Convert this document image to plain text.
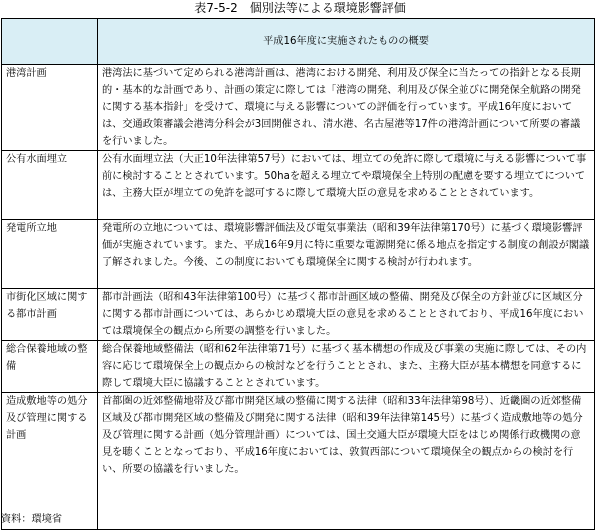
表7-5-2　個別法等による環境影響評価
	平成16年度に実施されたものの概要

港湾計画	港湾法に基づいて定められる港湾計画は、港湾における開発、利用及び保全に当たっての指針となる長期的・基本的な計画であり、計画の策定に際しては「港湾の開発、利用及び保全並びに開発保全航路の開発に関する基本指針」を受けて、環境に与える影響についての評価を行っています。平成16年度においては、交通政策審議会港湾分科会が3回開催され、清水港、名古屋港等17件の港湾計画について所要の審議を行いました。

公有水面埋立	公有水面埋立法（大正10年法律第57号）においては、埋立ての免許に際して環境に与える影響について事前に検討することとされています。50haを超える埋立てや環境保全上特別の配慮を要する埋立てについては、主務大臣が埋立ての免許を認可するに際して環境大臣の意見を求めることとされています。

発電所立地	発電所の立地については、環境影響評価法及び電気事業法（昭和39年法律第170号）に基づく環境影響評価が実施されています。また、平成16年9月に特に重要な電源開発に係る地点を指定する制度の創設が閣議了解されました。今後、この制度においても環境保全に関する検討が行われます。

市街化区域に関する都市計画	都市計画法（昭和43年法律第100号）に基づく都市計画区域の整備、開発及び保全の方針並びに区域区分に関する都市計画については、あらかじめ環境大臣の意見を求めることとされており、平成16年度においては環境保全の観点から所要の調整を行いました。

総合保養地域の整備	総合保養地域整備法（昭和62年法律第71号）に基づく基本構想の作成及び事業の実施に際しては、その内容に応じて環境保全上の観点からの検討などを行うこととされ、また、主務大臣が基本構想を同意するに際して環境大臣に協議することとされています。

造成敷地等の処分及び管理に関する計画	首都圏の近郊整備地帯及び都市開発区域の整備に関する法律（昭和33年法律第98号）、近畿圏の近郊整備区域及び都市開発区域の整備及び開発に関する法律（昭和39年法律第145号）に基づく造成敷地等の処分及び管理に関する計画（処分管理計画）については、国土交通大臣が環境大臣をはじめ関係行政機関の意見を聴くこととなっており、平成16年度においては、敦賀西部について環境保全の観点からの検討を行い、所要の協議を行いました。
資料：環境省
